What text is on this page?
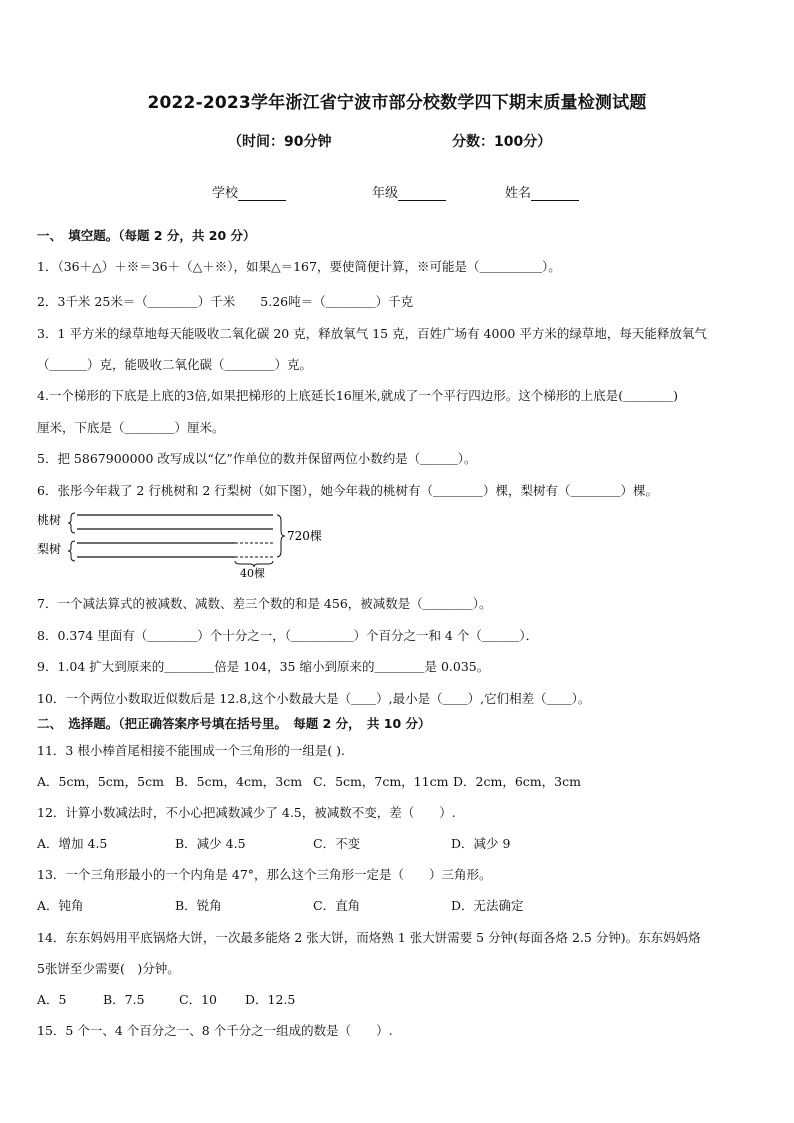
2022-2023学年浙江省宁波市部分校数学四下期末质量检测试题
（时间：90分钟	分数：100分）
学校	年级	姓名
一、　填空题。（每题 2 分，共 20 分）
1．（36＋△）＋※＝36＋（△＋※），如果△＝167，要使简便计算，※可能是（＿＿＿＿＿）。
2．3千米 25米＝（＿＿＿＿）千米　　5.26吨＝（＿＿＿＿）千克
3．1 平方米的绿草地每天能吸收二氧化碳 20 克，释放氧气 15 克，百姓广场有 4000 平方米的绿草地，每天能释放氧气
（＿＿＿）克，能吸收二氧化碳（＿＿＿＿）克。
4.一个梯形的下底是上底的3倍,如果把梯形的上底延长16厘米,就成了一个平行四边形。这个梯形的上底是(＿＿＿＿)
厘米，下底是（＿＿＿＿）厘米。
5．把 5867900000 改写成以“亿”作单位的数并保留两位小数约是（＿＿＿）。
6．张彤今年栽了 2 行桃树和 2 行梨树（如下图），她今年栽的桃树有（＿＿＿＿）棵，梨树有（＿＿＿＿）棵。
桃树
梨树
720棵
40棵
7．一个减法算式的被减数、减数、差三个数的和是 456，被减数是（＿＿＿＿）。
8．0.374 里面有（＿＿＿＿）个十分之一，（＿＿＿＿＿）个百分之一和 4 个（＿＿＿）．
9．1.04 扩大到原来的＿＿＿＿倍是 104，35 缩小到原来的＿＿＿＿是 0.035。
10．一个两位小数取近似数后是 12.8,这个小数最大是（＿＿）,最小是（＿＿）,它们相差（＿＿）。
二、　选择题。（把正确答案序号填在括号里。　每题 2 分，　共 10 分）
11．3 根小棒首尾相接不能围成一个三角形的一组是( ).
A．5cm，5cm，5cm B．5cm，4cm，3cm C．5cm，7cm，11cm D．2cm，6cm，3cm
12．计算小数减法时，不小心把减数减少了 4.5，被减数不变，差（　　）.
A．增加 4.5	B．减少 4.5	C．不变	D．减少 9
13．一个三角形最小的一个内角是 47°，那么这个三角形一定是（　　）三角形。
A．钝角	B．锐角	C．直角	D．无法确定
14．东东妈妈用平底锅烙大饼，一次最多能烙 2 张大饼，而烙熟 1 张大饼需要 5 分钟(每面各烙 2.5 分钟)。东东妈妈烙
5张饼至少需要(　)分钟。
A．5	B．7.5	C．10 D．12.5
15．5 个一、4 个百分之一、8 个千分之一组成的数是（　　）.
